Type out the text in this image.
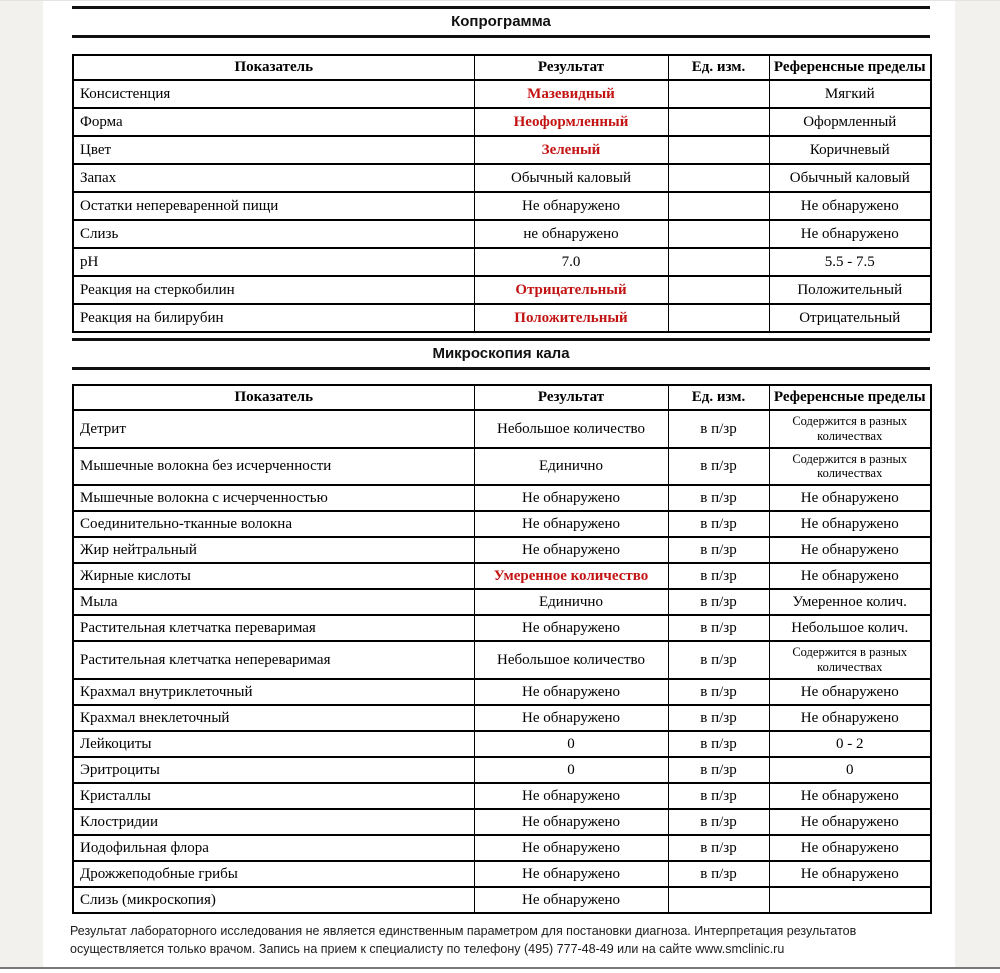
Копрограмма
Показатель	Результат	Ед. изм.	Референсные пределы
Консистенция	Мазевидный		Мягкий
Форма	Неоформленный		Оформленный
Цвет	Зеленый		Коричневый
Запах	Обычный каловый		Обычный каловый
Остатки непереваренной пищи	Не обнаружено		Не обнаружено
Слизь	не обнаружено		Не обнаружено
pH	7.0		5.5 - 7.5
Реакция на стеркобилин	Отрицательный		Положительный
Реакция на билирубин	Положительный		Отрицательный
Микроскопия кала
Показатель	Результат	Ед. изм.	Референсные пределы
Детрит	Небольшое количество	в п/зр	Содержится в разных количествах
Мышечные волокна без исчерченности	Единично	в п/зр	Содержится в разных количествах
Мышечные волокна с исчерченностью	Не обнаружено	в п/зр	Не обнаружено
Соединительно-тканные волокна	Не обнаружено	в п/зр	Не обнаружено
Жир нейтральный	Не обнаружено	в п/зр	Не обнаружено
Жирные кислоты	Умеренное количество	в п/зр	Не обнаружено
Мыла	Единично	в п/зр	Умеренное колич.
Растительная клетчатка переваримая	Не обнаружено	в п/зр	Небольшое колич.
Растительная клетчатка непереваримая	Небольшое количество	в п/зр	Содержится в разных количествах
Крахмал внутриклеточный	Не обнаружено	в п/зр	Не обнаружено
Крахмал внеклеточный	Не обнаружено	в п/зр	Не обнаружено
Лейкоциты	0	в п/зр	0 - 2
Эритроциты	0	в п/зр	0
Кристаллы	Не обнаружено	в п/зр	Не обнаружено
Клостридии	Не обнаружено	в п/зр	Не обнаружено
Иодофильная флора	Не обнаружено	в п/зр	Не обнаружено
Дрожжеподобные грибы	Не обнаружено	в п/зр	Не обнаружено
Слизь (микроскопия)	Не обнаружено		
Результат лабораторного исследования не является единственным параметром для постановки диагноза. Интерпретация результатов
осуществляется только врачом. Запись на прием к специалисту по телефону (495) 777-48-49 или на сайте www.smclinic.ru
